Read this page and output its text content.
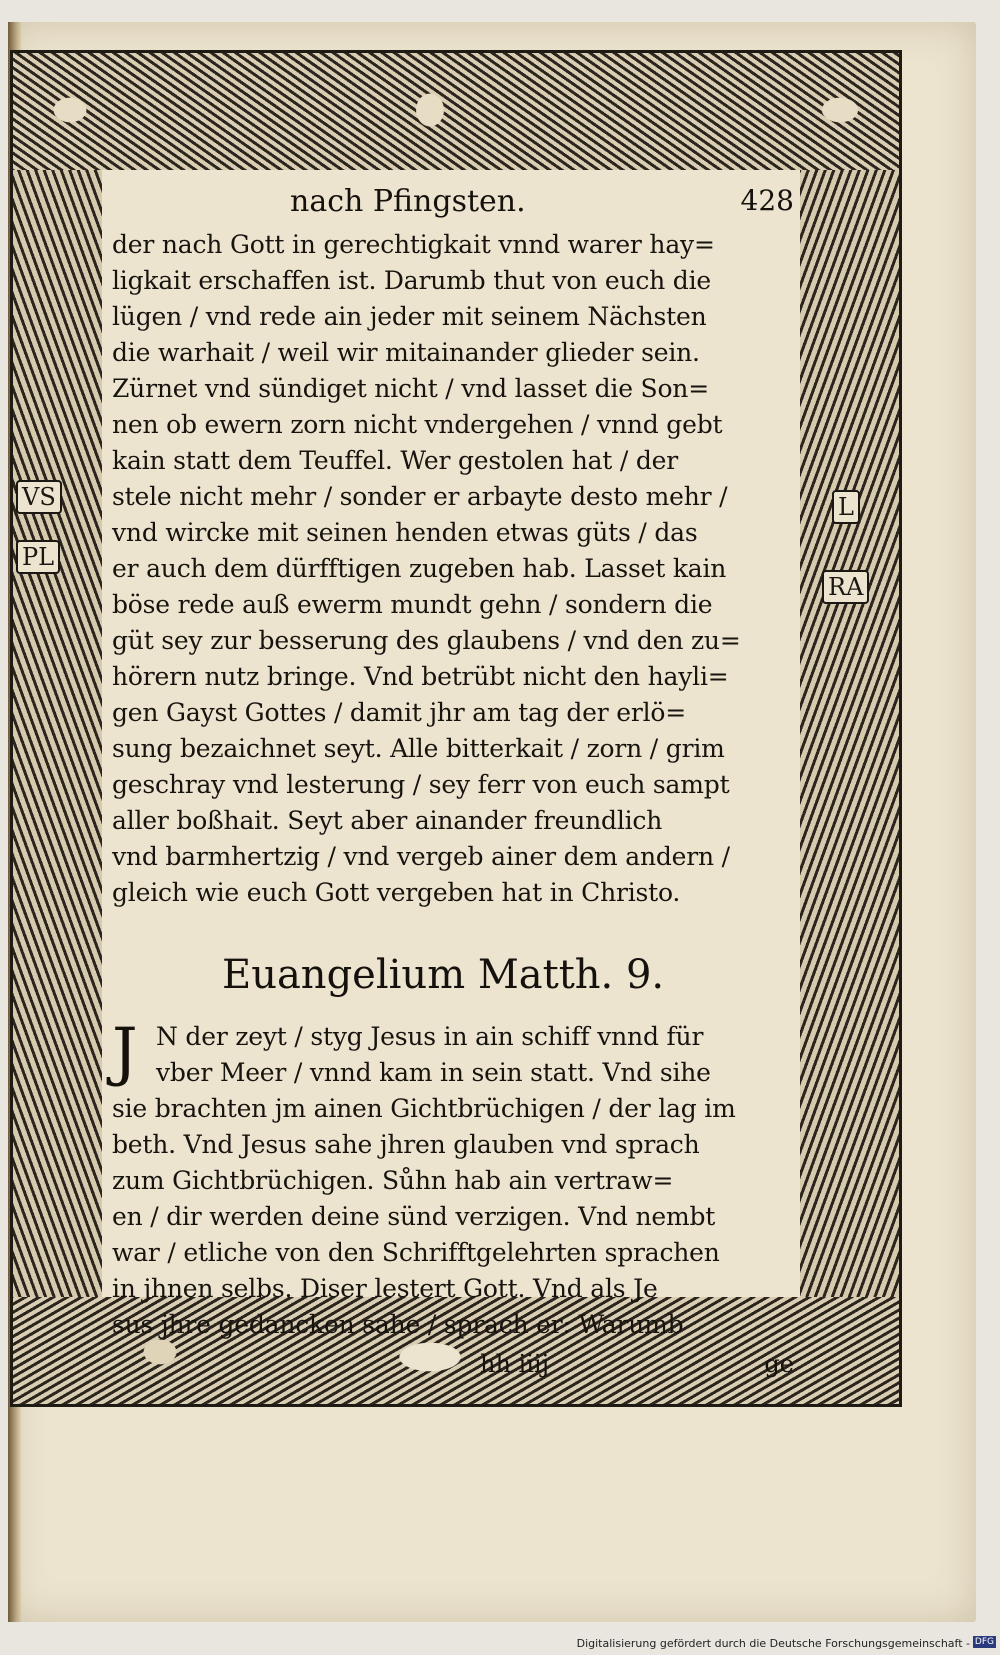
VS
PL
L
RA
nach Pfingsten.	428
der nach Gott in gerechtigkait vnnd warer hay=
ligkait erschaffen ist. Darumb thut von euch die
lügen / vnd rede ain jeder mit seinem Nächsten
die warhait / weil wir mitainander glieder sein.
Zürnet vnd sündiget nicht / vnd lasset die Son=
nen ob ewern zorn nicht vndergehen / vnnd gebt
kain statt dem Teuffel. Wer gestolen hat / der
stele nicht mehr / sonder er arbayte desto mehr /
vnd wircke mit seinen henden etwas güts / das
er auch dem dürfftigen zugeben hab. Lasset kain
böse rede auß ewerm mundt gehn / sondern die
güt sey zur besserung des glaubens / vnd den zu=
hörern nutz bringe. Vnd betrübt nicht den hayli=
gen Gayst Gottes / damit jhr am tag der erlö=
sung bezaichnet seyt. Alle bitterkait / zorn / grim
geschray vnd lesterung / sey ferr von euch sampt
aller boßhait. Seyt aber ainander freundlich
vnd barmhertzig / vnd vergeb ainer dem andern /
gleich wie euch Gott vergeben hat in Christo.
Euangelium Matth. 9.
J N der zeyt / styg Jesus in ain schiff vnnd für
vber Meer / vnnd kam in sein statt. Vnd sihe
sie brachten jm ainen Gichtbrüchigen / der lag im
beth. Vnd Jesus sahe jhren glauben vnd sprach
zum Gichtbrüchigen. Sůhn hab ain vertraw=
en / dir werden deine sünd verzigen. Vnd nembt
war / etliche von den Schrifftgelehrten sprachen
in jhnen selbs. Diser lestert Gott. Vnd als Je
sus jhre gedancken sahe / sprach er: Warumb
hh iiij	ge
Digitalisierung gefördert durch die Deutsche Forschungsgemeinschaft - DFG
